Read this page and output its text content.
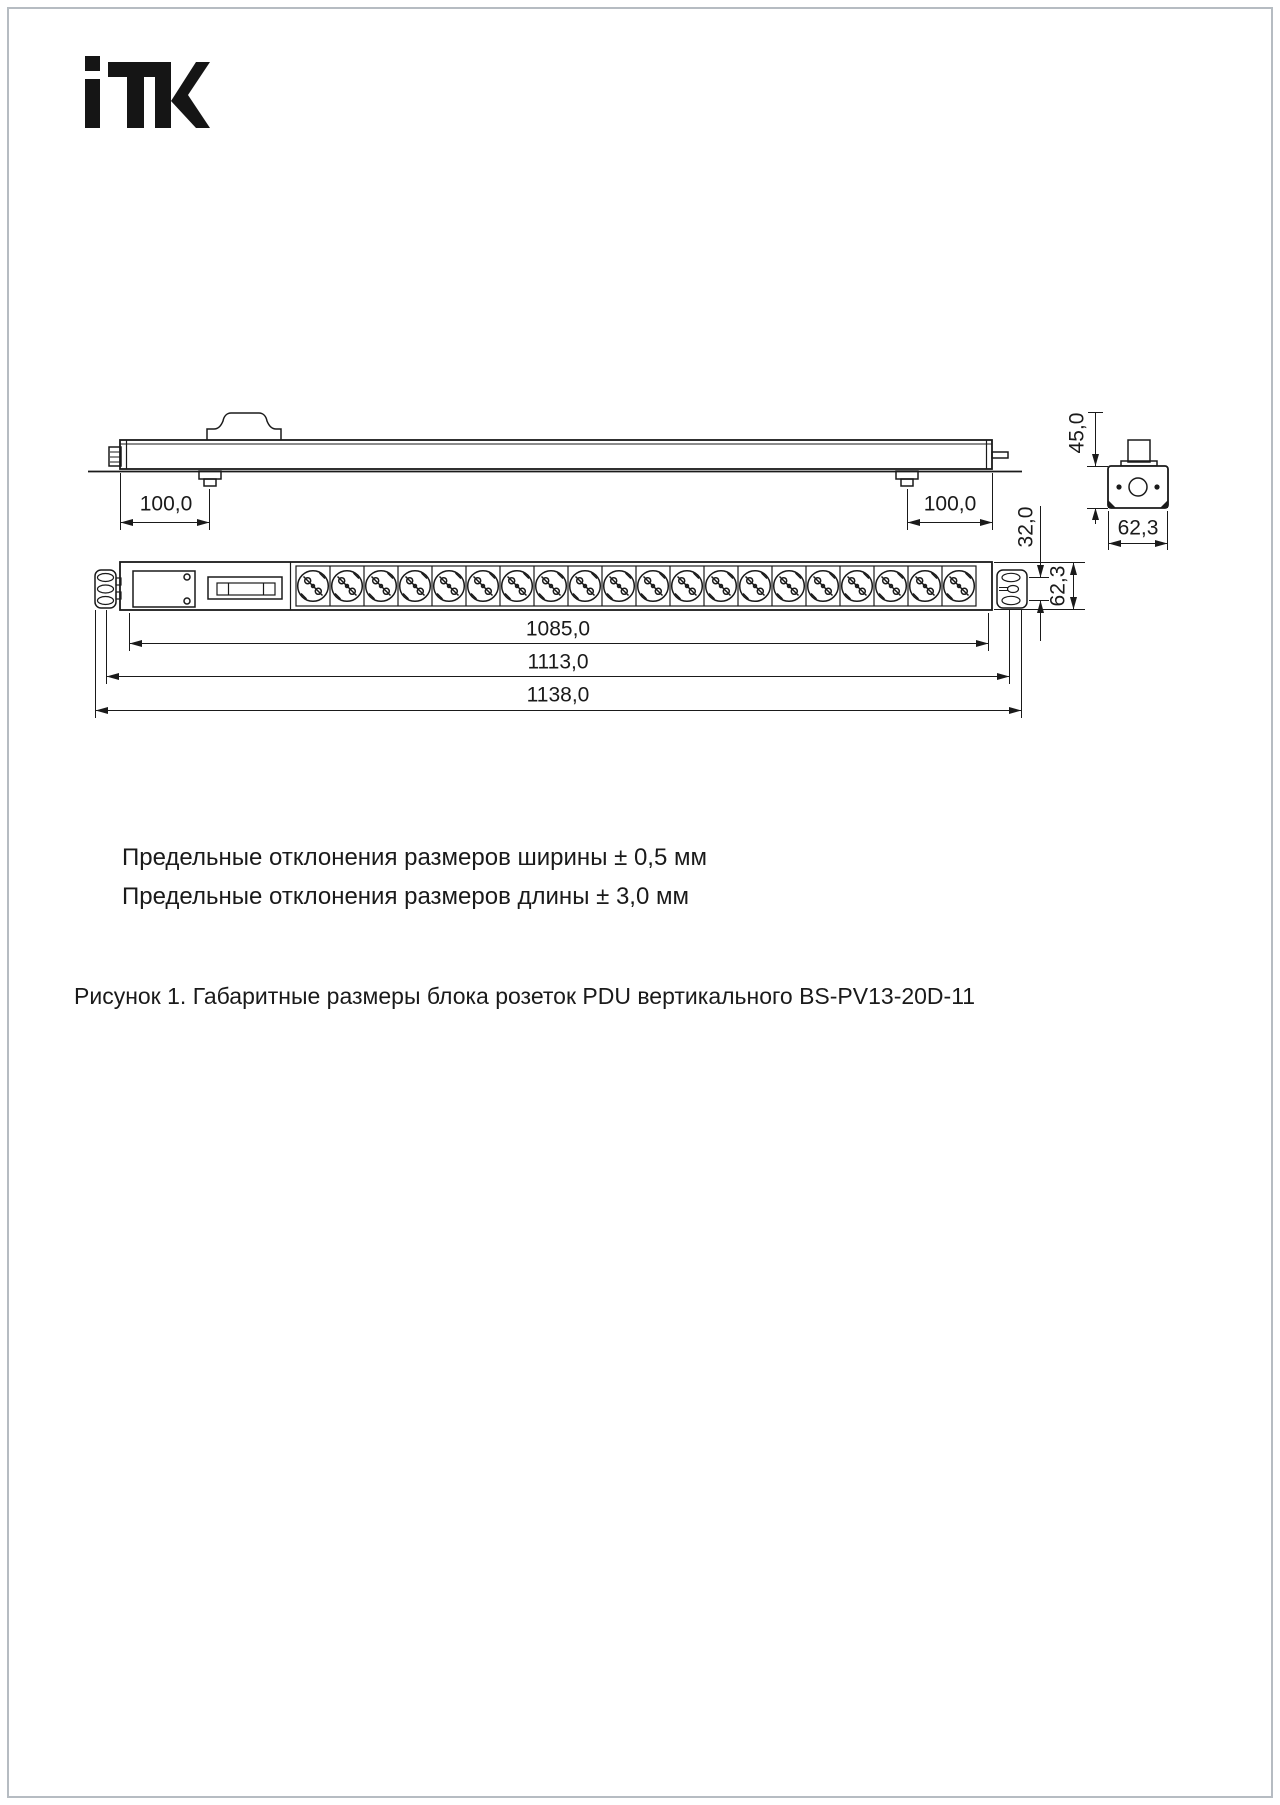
100,0	100,0
45,0
32,0
62,3
62,3
1085,0
1113,0
1138,0
Предельные отклонения размеров ширины ± 0,5 мм
Предельные отклонения размеров длины ± 3,0 мм
Рисунок 1. Габаритные размеры блока розеток PDU вертикального BS-PV13-20D-11
